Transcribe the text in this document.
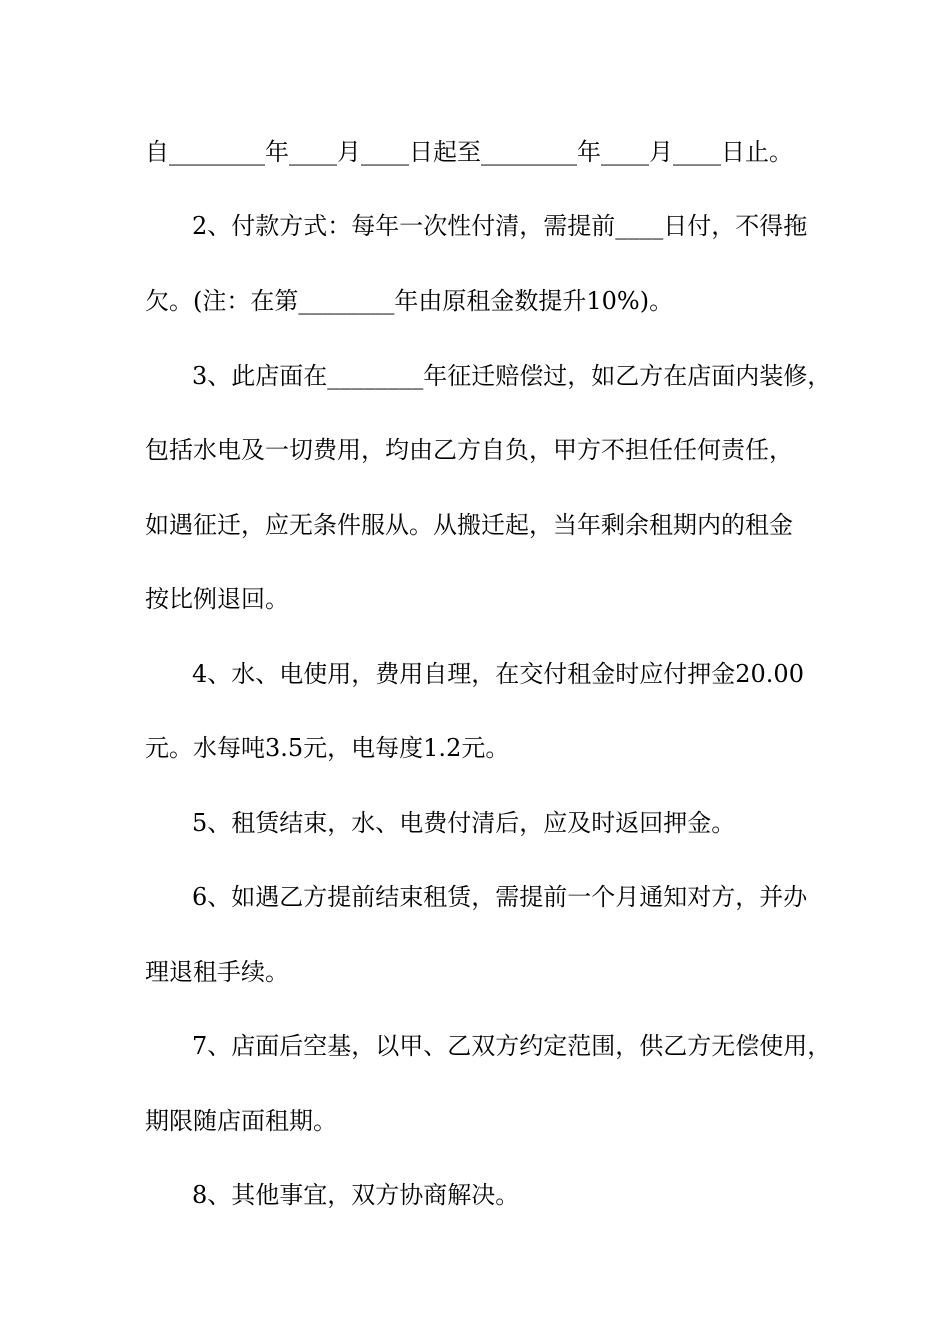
自________年____月____日起至________年____月____日止。
2、付款方式：每年一次性付清，需提前____日付，不得拖
欠。(注：在第________年由原租金数提升10%)。
3、此店面在________年征迁赔偿过，如乙方在店面内装修，
包括水电及一切费用，均由乙方自负，甲方不担任任何责任，
如遇征迁，应无条件服从。从搬迁起，当年剩余租期内的租金
按比例退回。
4、水、电使用，费用自理，在交付租金时应付押金20.00
元。水每吨3.5元，电每度1.2元。
5、租赁结束，水、电费付清后，应及时返回押金。
6、如遇乙方提前结束租赁，需提前一个月通知对方，并办
理退租手续。
7、店面后空基，以甲、乙双方约定范围，供乙方无偿使用，
期限随店面租期。
8、其他事宜，双方协商解决。
